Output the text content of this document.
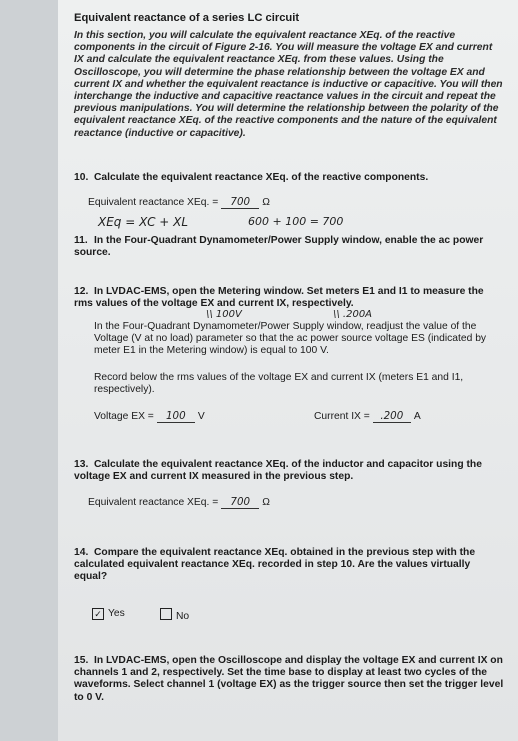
Equivalent reactance of a series LC circuit
In this section, you will calculate the equivalent reactance XEq. of the reactive components in the circuit of Figure 2-16. You will measure the voltage EX and current IX and calculate the equivalent reactance XEq. from these values. Using the Oscilloscope, you will determine the phase relationship between the voltage EX and current IX and whether the equivalent reactance is inductive or capacitive. You will then interchange the inductive and capacitive reactance values in the circuit and repeat the previous manipulations. You will determine the relationship between the polarity of the equivalent reactance XEq. of the reactive components and the nature of the equivalent reactance (inductive or capacitive).
10. Calculate the equivalent reactance XEq. of the reactive components.
Equivalent reactance XEq. = 700 Ω
XEq = XC + XL	600 + 100 = 700
11. In the Four-Quadrant Dynamometer/Power Supply window, enable the ac power source.
12. In LVDAC-EMS, open the Metering window. Set meters E1 and I1 to measure the rms values of the voltage EX and current IX, respectively.
\\ 100V	\\ .200A
In the Four-Quadrant Dynamometer/Power Supply window, readjust the value of the Voltage (V at no load) parameter so that the ac power source voltage ES (indicated by meter E1 in the Metering window) is equal to 100 V.
Record below the rms values of the voltage EX and current IX (meters E1 and I1, respectively).
Voltage EX = 100 V	Current IX = .200 A
13. Calculate the equivalent reactance XEq. of the inductor and capacitor using the voltage EX and current IX measured in the previous step.
Equivalent reactance XEq. = 700 Ω
14. Compare the equivalent reactance XEq. obtained in the previous step with the calculated equivalent reactance XEq. recorded in step 10. Are the values virtually equal?
✓ Yes	No
15. In LVDAC-EMS, open the Oscilloscope and display the voltage EX and current IX on channels 1 and 2, respectively. Set the time base to display at least two cycles of the waveforms. Select channel 1 (voltage EX) as the trigger source then set the trigger level to 0 V.
